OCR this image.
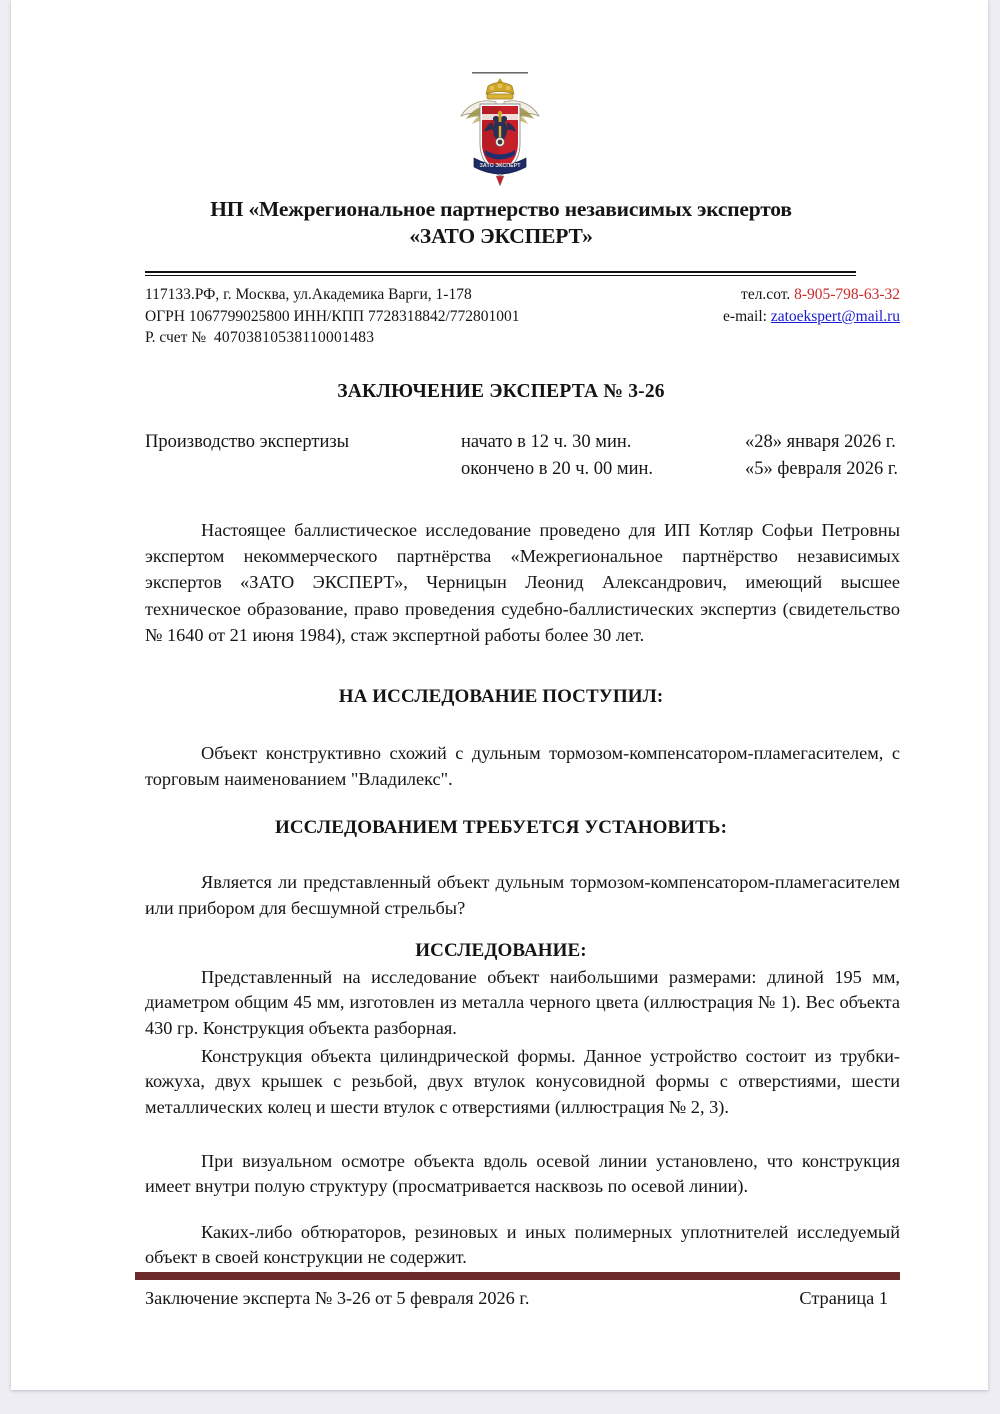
ЗАТО ЭКСПЕРТ
НП «Межрегиональное партнерство независимых экспертов
«ЗАТО ЭКСПЕРТ»
117133.РФ, г. Москва, ул.Академика Варги, 1-178	тел.сот. 8-905-798-63-32
ОГРН 1067799025800 ИНН/КПП 7728318842/772801001	e-mail: zatoekspert@mail.ru
Р. счет № 40703810538110001483
ЗАКЛЮЧЕНИЕ ЭКСПЕРТА № 3-26
Производство экспертизы	начато в 12 ч. 30 мин.	«28» января 2026 г.
окончено в 20 ч. 00 мин.	«5» февраля 2026 г.
Настоящее баллистическое исследование проведено для ИП Котляр Софьи Петровны экспертом некоммерческого партнёрства «Межрегиональное партнёрство независимых экспертов «ЗАТО ЭКСПЕРТ», Черницын Леонид Александрович, имеющий высшее техническое образование, право проведения судебно-баллистических экспертиз (свидетельство № 1640 от 21 июня 1984), стаж экспертной работы более 30 лет.
НА ИССЛЕДОВАНИЕ ПОСТУПИЛ:
Объект конструктивно схожий с дульным тормозом-компенсатором-пламегасителем, с торговым наименованием "Владилекс".
ИССЛЕДОВАНИЕМ ТРЕБУЕТСЯ УСТАНОВИТЬ:
Является ли представленный объект дульным тормозом-компенсатором-пламегасителем или прибором для бесшумной стрельбы?
ИССЛЕДОВАНИЕ:
Представленный на исследование объект наибольшими размерами: длиной 195 мм, диаметром общим 45 мм, изготовлен из металла черного цвета (иллюстрация № 1). Вес объекта 430 гр. Конструкция объекта разборная.
Конструкция объекта цилиндрической формы. Данное устройство состоит из трубки-кожуха, двух крышек с резьбой, двух втулок конусовидной формы с отверстиями, шести металлических колец и шести втулок с отверстиями (иллюстрация № 2, 3).
При визуальном осмотре объекта вдоль осевой линии установлено, что конструкция имеет внутри полую структуру (просматривается насквозь по осевой линии).
Каких-либо обтюраторов, резиновых и иных полимерных уплотнителей исследуемый объект в своей конструкции не содержит.
Заключение эксперта № 3-26 от 5 февраля 2026 г.	Страница 1
